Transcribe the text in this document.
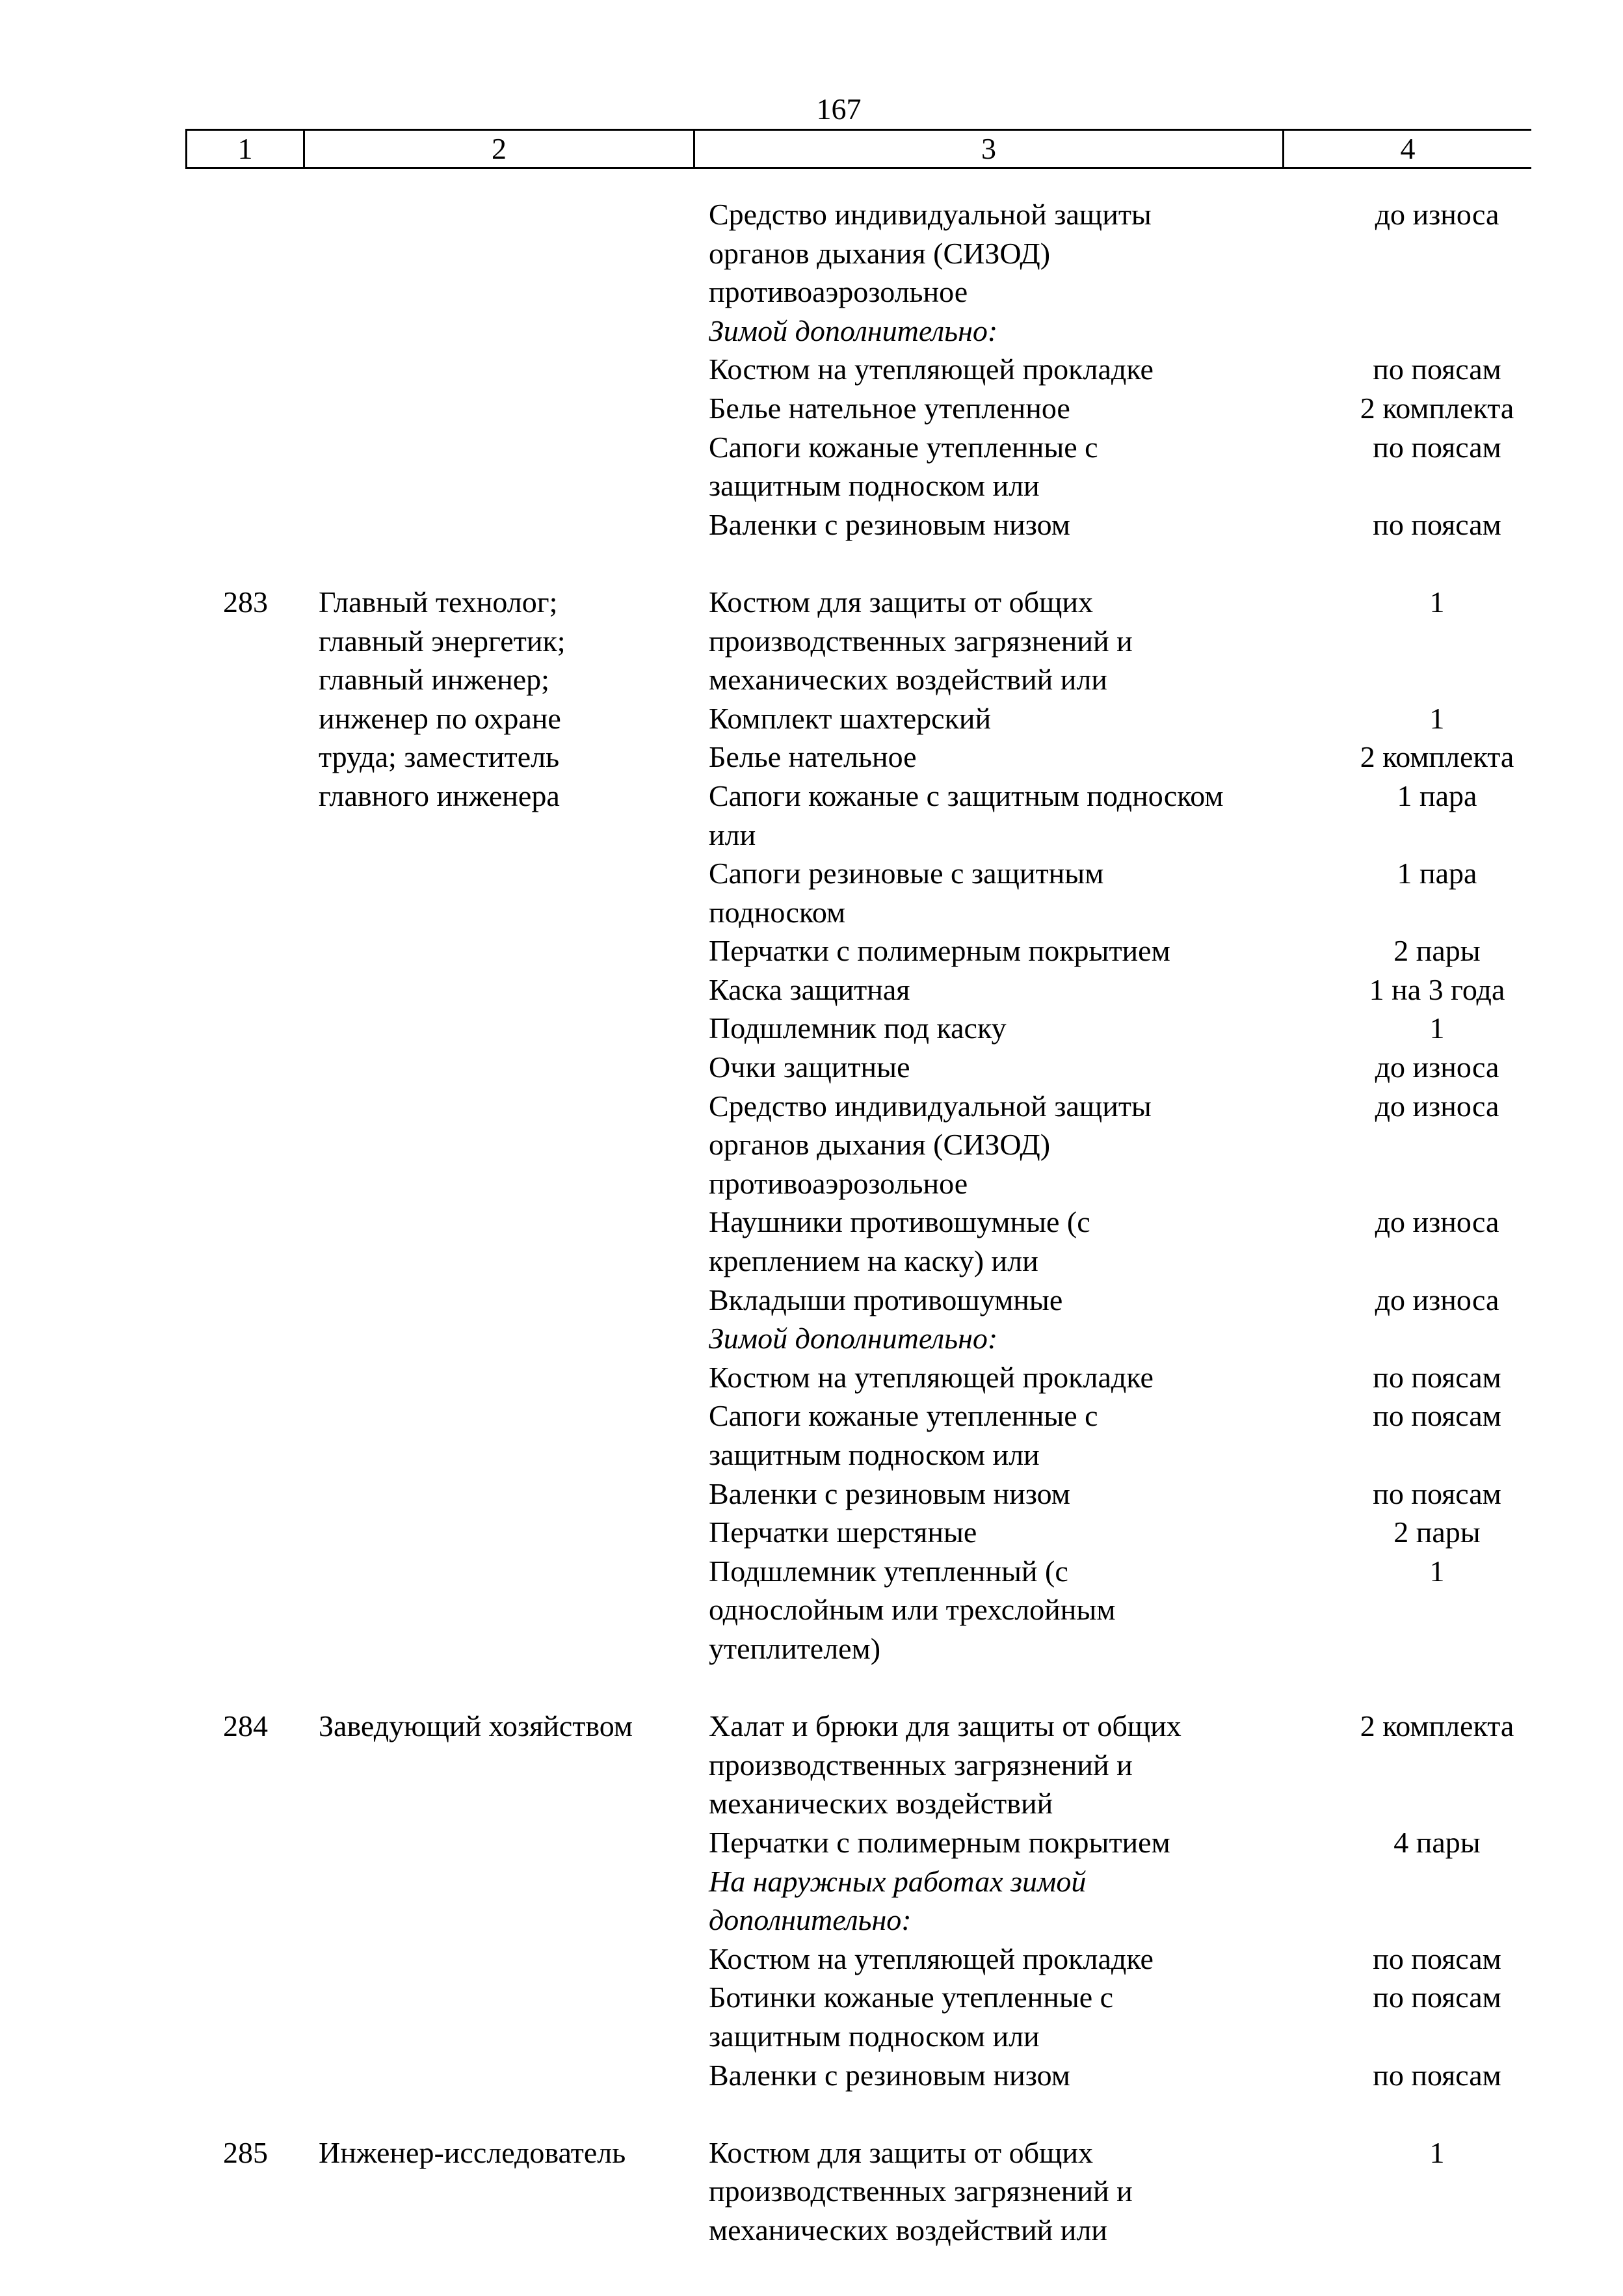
167
1	2	3	4
Средство индивидуальной защиты	до износа
органов дыхания (СИЗОД)
противоаэрозольное
Зимой дополнительно:
Костюм на утепляющей прокладке	по поясам
Белье нательное утепленное	2 комплекта
Сапоги кожаные утепленные с	по поясам
защитным подноском или
Валенки с резиновым низом	по поясам
283	Главный технолог;	Костюм для защиты от общих	1
главный энергетик;	производственных загрязнений и
главный инженер;	механических воздействий или
инженер по охране	Комплект шахтерский	1
труда; заместитель	Белье нательное	2 комплекта
главного инженера	Сапоги кожаные с защитным подноском	1 пара
или
Сапоги резиновые с защитным	1 пара
подноском
Перчатки с полимерным покрытием	2 пары
Каска защитная	1 на 3 года
Подшлемник под каску	1
Очки защитные	до износа
Средство индивидуальной защиты	до износа
органов дыхания (СИЗОД)
противоаэрозольное
Наушники противошумные (с	до износа
креплением на каску) или
Вкладыши противошумные	до износа
Зимой дополнительно:
Костюм на утепляющей прокладке	по поясам
Сапоги кожаные утепленные с	по поясам
защитным подноском или
Валенки с резиновым низом	по поясам
Перчатки шерстяные	2 пары
Подшлемник утепленный (с	1
однослойным или трехслойным
утеплителем)
284	Заведующий хозяйством	Халат и брюки для защиты от общих	2 комплекта
производственных загрязнений и
механических воздействий
Перчатки с полимерным покрытием	4 пары
На наружных работах зимой
дополнительно:
Костюм на утепляющей прокладке	по поясам
Ботинки кожаные утепленные с	по поясам
защитным подноском или
Валенки с резиновым низом	по поясам
285	Инженер-исследователь	Костюм для защиты от общих	1
производственных загрязнений и
механических воздействий или
